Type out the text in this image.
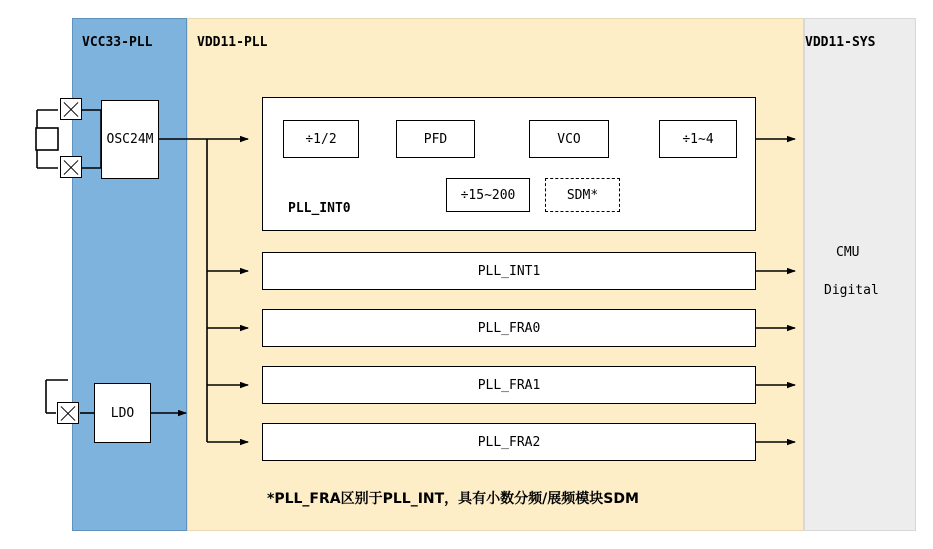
VCC33-PLL	VDD11-PLL	VDD11-SYS
OSC24M
LDO
PLL_INT0
÷1/2	PFD	VCO	÷1~4
÷15~200	SDM*
PLL_INT1
PLL_FRA0
PLL_FRA1
PLL_FRA2
CMU
Digital
*PLL_FRA区别于PLL_INT，具有小数分频/展频模块SDM
